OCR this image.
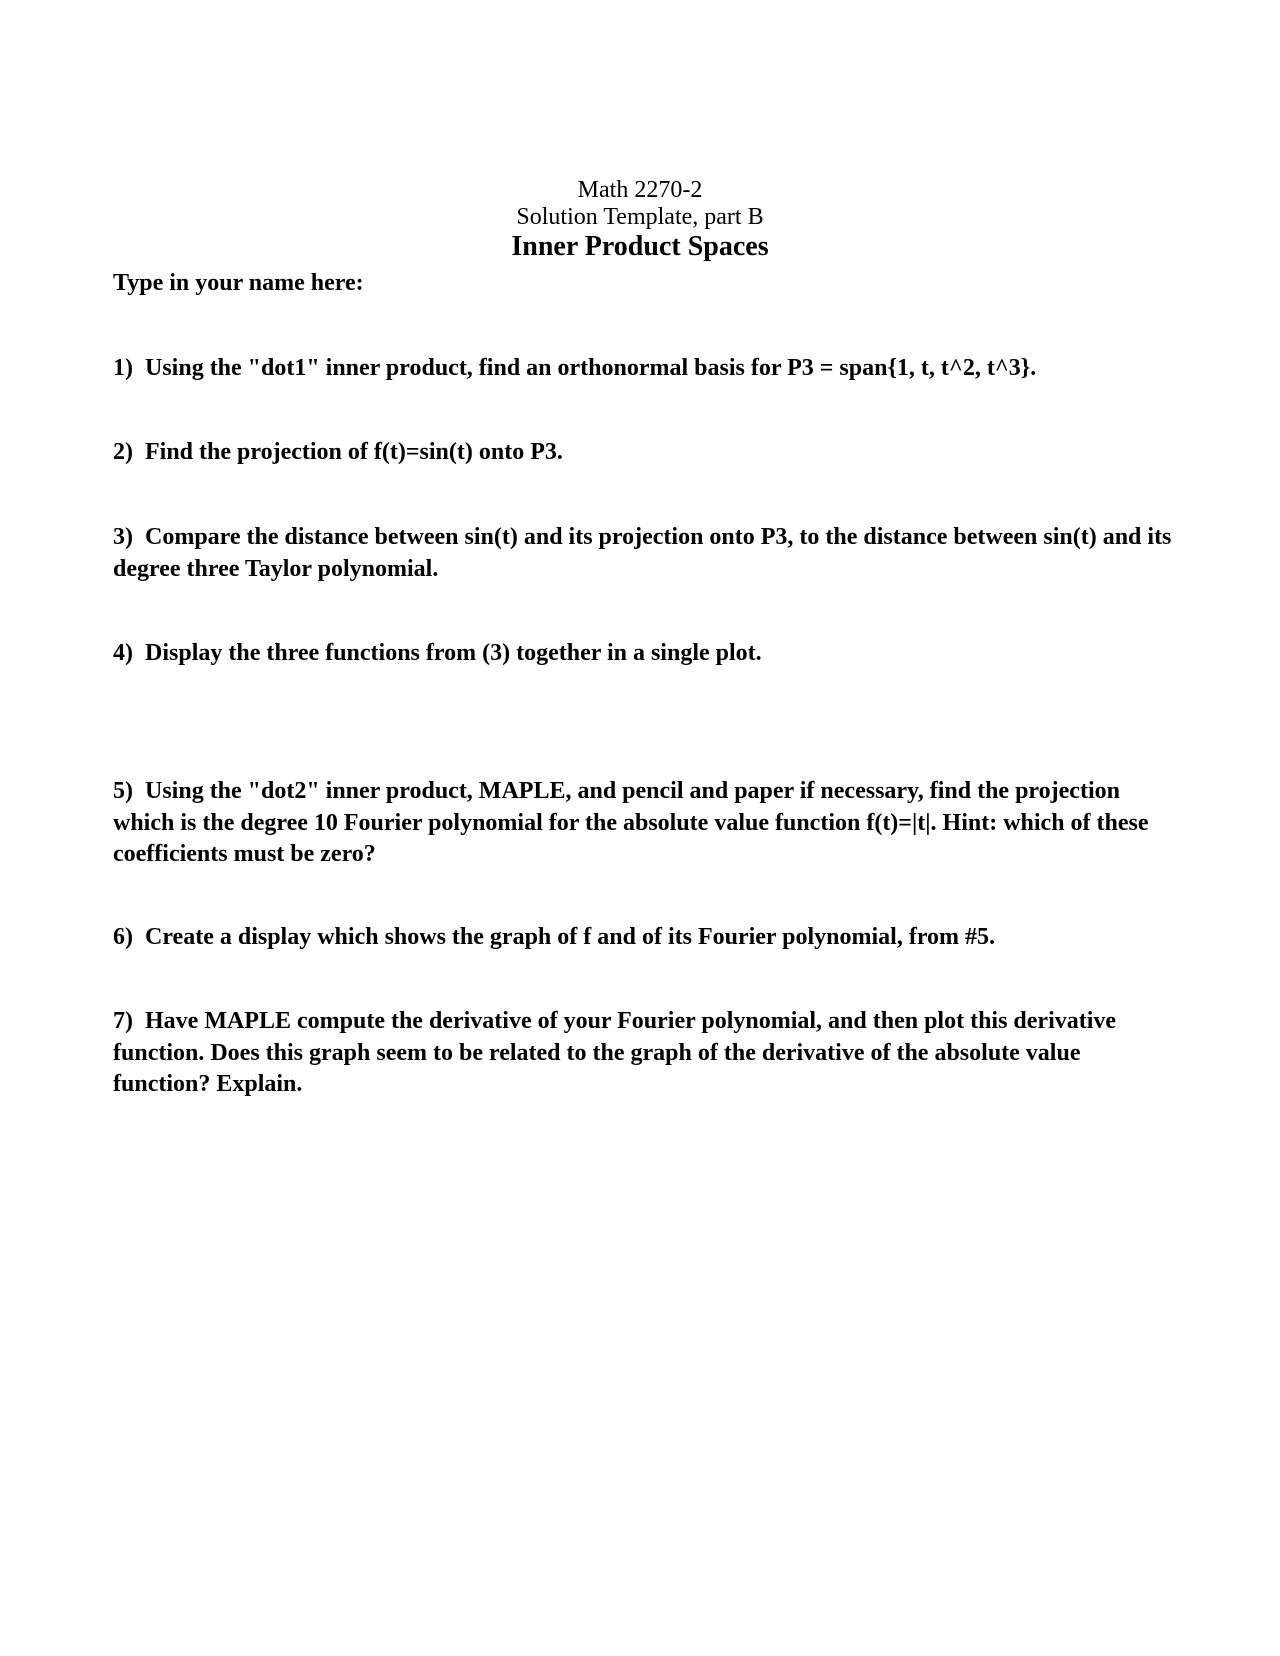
Math 2270-2
Solution Template, part B
Inner Product Spaces
Type in your name here:

1) Using the "dot1" inner product, find an orthonormal basis for P3 = span{1, t, t^2, t^3}.

2) Find the projection of f(t)=sin(t) onto P3.

3) Compare the distance between sin(t) and its projection onto P3, to the distance between sin(t) and its degree three Taylor polynomial.

4) Display the three functions from (3) together in a single plot.

5) Using the "dot2" inner product, MAPLE, and pencil and paper if necessary, find the projection which is the degree 10 Fourier polynomial for the absolute value function f(t)=|t|. Hint: which of these coefficients must be zero?

6) Create a display which shows the graph of f and of its Fourier polynomial, from #5.

7) Have MAPLE compute the derivative of your Fourier polynomial, and then plot this derivative function. Does this graph seem to be related to the graph of the derivative of the absolute value function? Explain.
